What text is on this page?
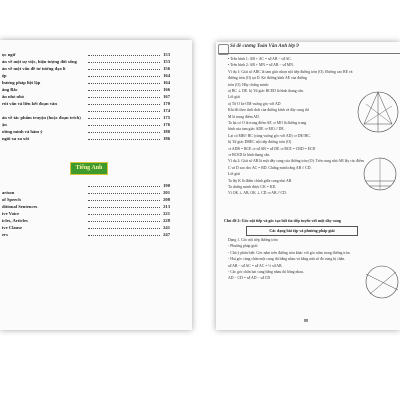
ục ngữ	153
ản về một sự việc, hiện tượng đời sống	153
ản về một vấn đề tư tưởng đạo lí	156
ệp	164
hương pháp liệt lập	164
ăng Bắc	166
ẩn nhỏ nhỏ	167
rút vấn và liên kết đoạn văn	170
174
ản về tác phẩm truyện (hoặc đoạn trích)	175
ận	176
ường minh và hàm ý	180
ngôi xa xa xôi	186
Tiếng Anh
190
arison	201
of Speech	208
ditional Sentences	213
ive Voice	221
icles, Articles	228
ive Clause	241
ers	247
Sổ đề cương Toán Văn Anh lớp 9
• Trên hình 1: AB + AC = sđ AB − sđ AC.
• Trên hình 2: AB + MN = sđ AB − sđ MN.
Ví dụ 1: Giải số ABC là tam giác nhọn nội tiếp đường tròn (O). Đường cao BE và
đường tròn (O) tại D. Kẻ đường kính AE của đường
tròn (O). Hãy chứng minh:
a) BC ⊥ DE. b) Tứ giác BCED là hình thang cân.
Lời giải
a) Từ O ke OM vuông góc với AD
Khi đó theo tính chất của đường kính và dây cung thì
M là trung điểm AD.
Ta lại có O là trung điểm AE ⇒ MO là đường trung
bình của tam giác ADE ⇒ MO // DE.
Lại có MH// BC (cùng vuông góc với AD) ⇒ DE//BC.
b) Tứ giác DBEC nội tiếp đường tròn (O)
⇒ ADB = BCE ⇒ sđ AB = sđ DE ⇒ BCE = CBD = ECD
⇒ BCED là hình thang cân.
Ví dụ 2: Giải số AB là một dây cung của đường tròn (O). Trên cung nhỏ AB lấy các điểm
C và D sao cho AC = BD. Chứng minh rằng AB // CD.
Lời giải
Ta lấy K là điểm chính giữa cung nhỏ AB
Ta chứng minh được CK = KD.
Vì OK ⊥ AB, OK ⊥ CD ⇒ AB // CD.
Dạng 1. Góc nội tiếp đường tròn
- Phương pháp giải:
- Chú ý phân biệt: Góc nằm trên đường tròn khác với góc nằm trong đường tròn.
- Hai góc cùng chắn một cung thì bằng nhau và bằng nửa số đo cung bị chắn.
sđ AB − sđ AC = sđ AC = ½ sđ AB.
- Các góc chắn hai cung bằng nhau thì bằng nhau.
AD − CD = sđ AD − sđ CD
Chủ đề 2: Góc nội tiếp và góc tạo bởi tia tiếp tuyến với một dây cung
Các dạng bài tập và phương pháp giải
88
